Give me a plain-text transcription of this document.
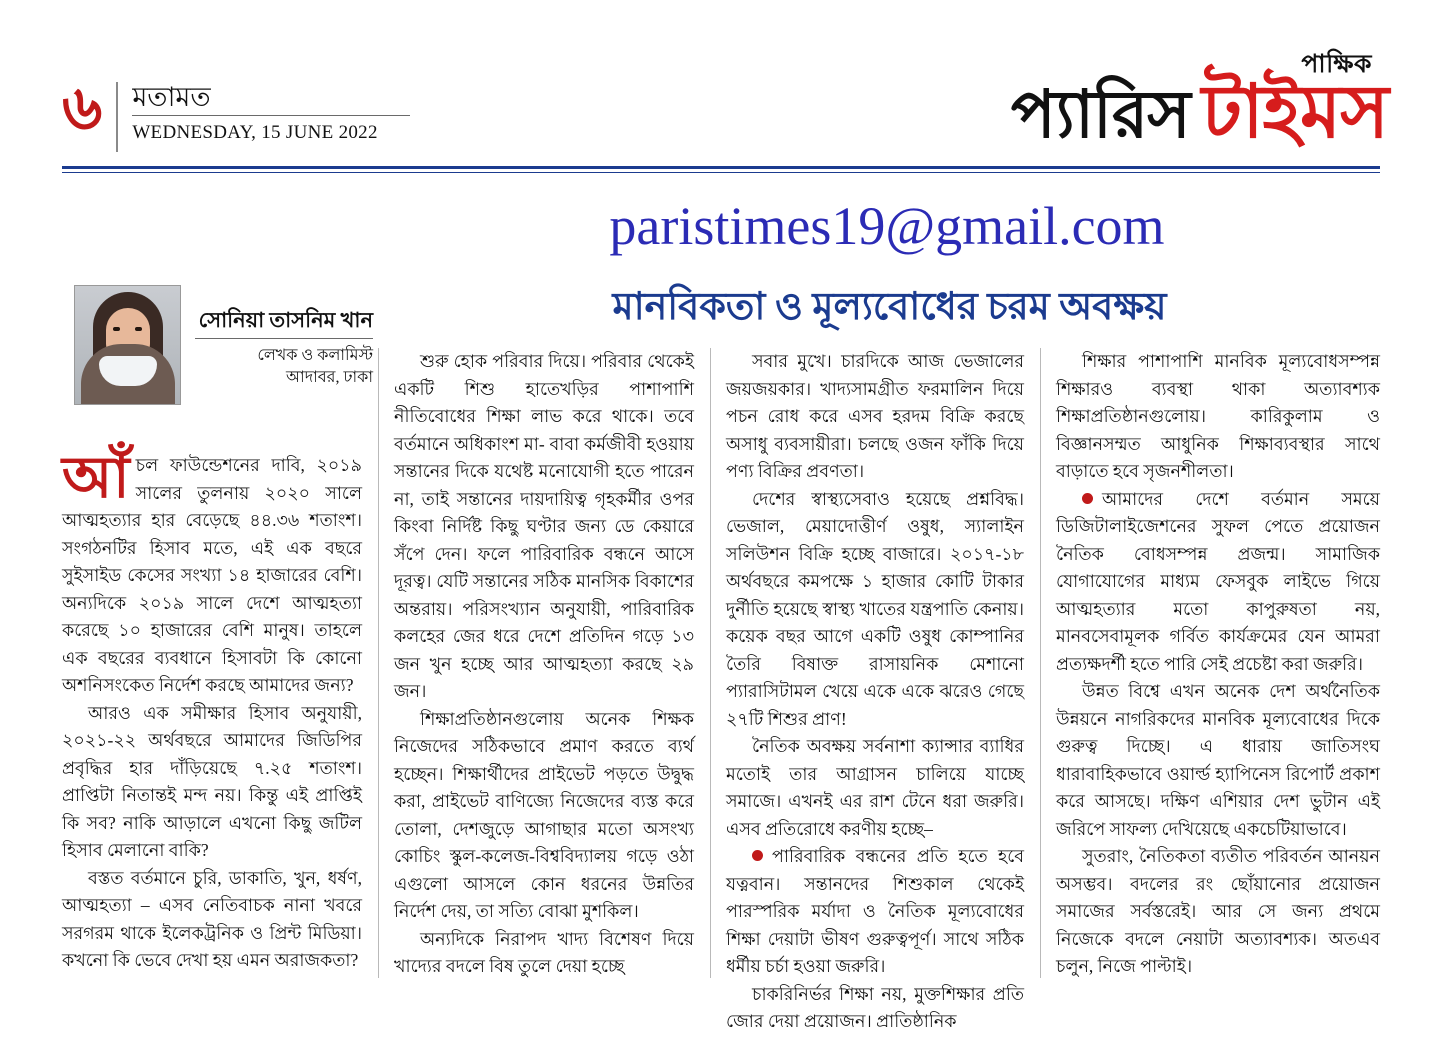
৬ মতামত
WEDNESDAY, 15 JUNE 2022
পাক্ষিক
প্যারিস টাইমস
paristimes19@gmail.com
মানবিকতা ও মূল্যবোধের চরম অবক্ষয়
সোনিয়া তাসনিম খান
লেখক ও কলামিস্ট
আদাবর, ঢাকা

আঁচল ফাউন্ডেশনের দাবি, ২০১৯ সালের তুলনায় ২০২০ সালে আত্মহত্যার হার বেড়েছে ৪৪.৩৬ শতাংশ। সংগঠনটির হিসাব মতে, এই এক বছরে সুইসাইড কেসের সংখ্যা ১৪ হাজারের বেশি। অন্যদিকে ২০১৯ সালে দেশে আত্মহত্যা করেছে ১০ হাজারের বেশি মানুষ। তাহলে এক বছরের ব্যবধানে হিসাবটা কি কোনো অশনিসংকেত নির্দেশ করছে আমাদের জন্য?

আরও এক সমীক্ষার হিসাব অনুযায়ী, ২০২১-২২ অর্থবছরে আমাদের জিডিপির প্রবৃদ্ধির হার দাঁড়িয়েছে ৭.২৫ শতাংশ। প্রাপ্তিটা নিতান্তই মন্দ নয়। কিন্তু এই প্রাপ্তিই কি সব? নাকি আড়ালে এখনো কিছু জটিল হিসাব মেলানো বাকি?

বস্তত বর্তমানে চুরি, ডাকাতি, খুন, ধর্ষণ, আত্মহত্যা – এসব নেতিবাচক নানা খবরে সরগরম থাকে ইলেকট্রনিক ও প্রিন্ট মিডিয়া। কখনো কি ভেবে দেখা হয় এমন অরাজকতা?

শুরু হোক পরিবার দিয়ে। পরিবার থেকেই একটি শিশু হাতেখড়ির পাশাপাশি নীতিবোধের শিক্ষা লাভ করে থাকে। তবে বর্তমানে অধিকাংশ মা- বাবা কর্মজীবী হওয়ায় সন্তানের দিকে যথেষ্ট মনোযোগী হতে পারেন না, তাই সন্তানের দায়দায়িত্ব গৃহকর্মীর ওপর কিংবা নির্দিষ্ট কিছু ঘণ্টার জন্য ডে কেয়ারে সঁপে দেন। ফলে পারিবারিক বন্ধনে আসে দূরত্ব। যেটি সন্তানের সঠিক মানসিক বিকাশের অন্তরায়। পরিসংখ্যান অনুযায়ী, পারিবারিক কলহের জের ধরে দেশে প্রতিদিন গড়ে ১৩ জন খুন হচ্ছে আর আত্মহত্যা করছে ২৯ জন।

শিক্ষাপ্রতিষ্ঠানগুলোয় অনেক শিক্ষক নিজেদের সঠিকভাবে প্রমাণ করতে ব্যর্থ হচ্ছেন। শিক্ষার্থীদের প্রাইভেট পড়তে উদ্বুদ্ধ করা, প্রাইভেট বাণিজ্যে নিজেদের ব্যস্ত করে তোলা, দেশজুড়ে আগাছার মতো অসংখ্য কোচিং স্কুল-কলেজ-বিশ্ববিদ্যালয় গড়ে ওঠা এগুলো আসলে কোন ধরনের উন্নতির নির্দেশ দেয়, তা সত্যি বোঝা মুশকিল।

অন্যদিকে নিরাপদ খাদ্য বিশেষণ দিয়ে খাদ্যের বদলে বিষ তুলে দেয়া হচ্ছে

সবার মুখে। চারদিকে আজ ভেজালের জয়জয়কার। খাদ্যসামগ্রীত ফরমালিন দিয়ে পচন রোধ করে এসব হরদম বিক্রি করছে অসাধু ব্যবসায়ীরা। চলছে ওজন ফাঁকি দিয়ে পণ্য বিক্রির প্রবণতা।

দেশের স্বাস্থ্যসেবাও হয়েছে প্রশ্নবিদ্ধ। ভেজাল, মেয়াদোত্তীর্ণ ওষুধ, স্যালাইন সলিউশন বিক্রি হচ্ছে বাজারে। ২০১৭-১৮ অর্থবছরে কমপক্ষে ১ হাজার কোটি টাকার দুর্নীতি হয়েছে স্বাস্থ্য খাতের যন্ত্রপাতি কেনায়। কয়েক বছর আগে একটি ওষুধ কোম্পানির তৈরি বিষাক্ত রাসায়নিক মেশানো প্যারাসিটামল খেয়ে একে একে ঝরেও গেছে ২৭টি শিশুর প্রাণ!

নৈতিক অবক্ষয় সর্বনাশা ক্যান্সার ব্যাধির মতোই তার আগ্রাসন চালিয়ে যাচ্ছে সমাজে। এখনই এর রাশ টেনে ধরা জরুরি। এসব প্রতিরোধে করণীয় হচ্ছে–

পারিবারিক বন্ধনের প্রতি হতে হবে যত্নবান। সন্তানদের শিশুকাল থেকেই পারস্পরিক মর্যাদা ও নৈতিক মূল্যবোধের শিক্ষা দেয়াটা ভীষণ গুরুত্বপূর্ণ। সাথে সঠিক ধর্মীয় চর্চা হওয়া জরুরি।

চাকরিনির্ভর শিক্ষা নয়, মুক্তশিক্ষার প্রতি জোর দেয়া প্রয়োজন। প্রাতিষ্ঠানিক

শিক্ষার পাশাপাশি মানবিক মূল্যবোধসম্পন্ন শিক্ষারও ব্যবস্থা থাকা অত্যাবশ্যক শিক্ষাপ্রতিষ্ঠানগুলোয়। কারিকুলাম ও বিজ্ঞানসম্মত আধুনিক শিক্ষাব্যবস্থার সাথে বাড়াতে হবে সৃজনশীলতা।

আমাদের দেশে বর্তমান সময়ে ডিজিটালাইজেশনের সুফল পেতে প্রয়োজন নৈতিক বোধসম্পন্ন প্রজন্ম। সামাজিক যোগাযোগের মাধ্যম ফেসবুক লাইভে গিয়ে আত্মহত্যার মতো কাপুরুষতা নয়, মানবসেবামূলক গর্বিত কার্যক্রমের যেন আমরা প্রত্যক্ষদর্শী হতে পারি সেই প্রচেষ্টা করা জরুরি।

উন্নত বিশ্বে এখন অনেক দেশ অর্থনৈতিক উন্নয়নে নাগরিকদের মানবিক মূল্যবোধের দিকে গুরুত্ব দিচ্ছে। এ ধারায় জাতিসংঘ ধারাবাহিকভাবে ওয়ার্ল্ড হ্যাপিনেস রিপোর্ট প্রকাশ করে আসছে। দক্ষিণ এশিয়ার দেশ ভুটান এই জরিপে সাফল্য দেখিয়েছে একচেটিয়াভাবে।

সুতরাং, নৈতিকতা ব্যতীত পরিবর্তন আনয়ন অসম্ভব। বদলের রং ছোঁয়ানোর প্রয়োজন সমাজের সর্বস্তরেই। আর সে জন্য প্রথমে নিজেকে বদলে নেয়াটা অত্যাবশ্যক। অতএব চলুন, নিজে পাল্টাই।
